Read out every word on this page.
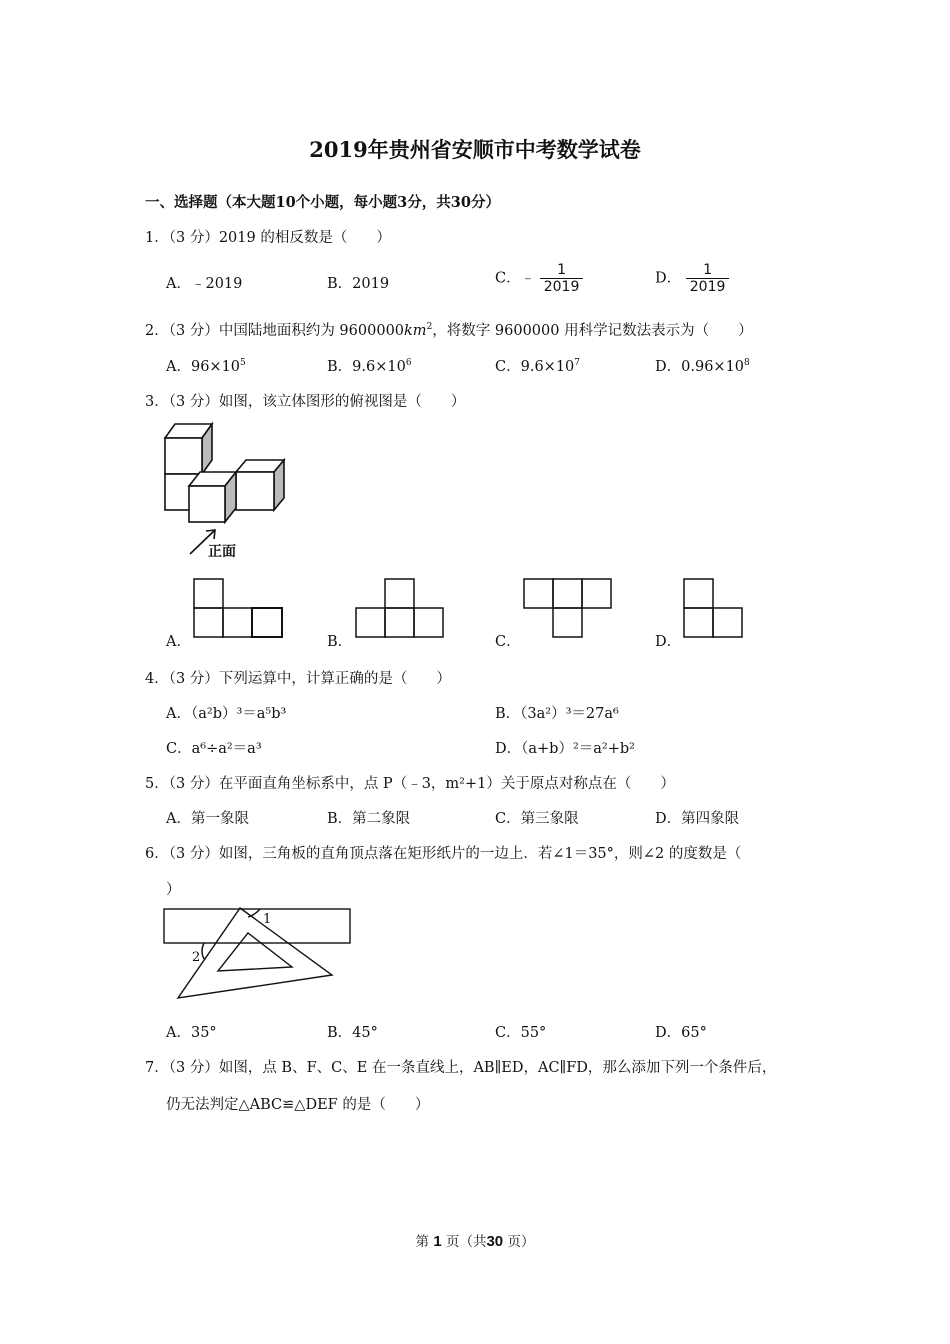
2019年贵州省安顺市中考数学试卷
一、选择题（本大题10个小题，每小题3分，共30分）
1．（3 分）2019 的相反数是（　　）
A．﹣2019	B．2019	C．﹣ $\frac{1}{2019}$	D． $\frac{1}{2019}$
2．（3 分）中国陆地面积约为 $9600000km^2$，将数字 9600000 用科学记数法表示为（　　）
A．$96\times 10^5$	B．$9.6\times 10^6$	C．$9.6\times 10^7$	D．$0.96\times 10^8$
3．（3 分）如图，该立体图形的俯视图是（　　）
正面
A．	B．	C．	D．
4．（3 分）下列运算中，计算正确的是（　　）
A．（a²b）³＝a⁵b³	B．（3a²）³＝27a⁶
C．a⁶÷a²＝a³	D．（a+b）²＝a²+b²
5．（3 分）在平面直角坐标系中，点 P（﹣3，m²+1）关于原点对称点在（　　）
A．第一象限	B．第二象限	C．第三象限	D．第四象限
6．（3 分）如图，三角板的直角顶点落在矩形纸片的一边上．若∠1＝35°，则∠2 的度数是（
）
1
2
A．35°	B．45°	C．55°	D．65°
7．（3 分）如图，点 B、F、C、E 在一条直线上，AB∥ED，AC∥FD，那么添加下列一个条件后，
仍无法判定△ABC≌△DEF 的是（　　）
第 1 页（共30 页）
